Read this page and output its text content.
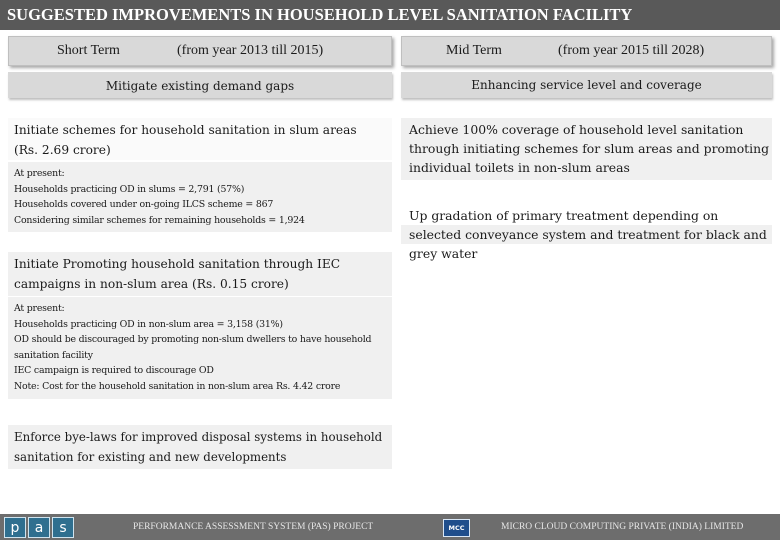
SUGGESTED IMPROVEMENTS IN HOUSEHOLD LEVEL SANITATION FACILITY
Short Term	(from year 2013 till 2015)	Mid Term	(from year 2015 till 2028)
Mitigate existing demand gaps	Enhancing service level and coverage
Initiate schemes for household sanitation in slum areas
(Rs. 2.69 crore)
At present:
Households practicing OD in slums = 2,791 (57%)
Households covered under on-going ILCS scheme = 867
Considering similar schemes for remaining households = 1,924
Initiate Promoting household sanitation through IEC
campaigns in non-slum area (Rs. 0.15 crore)
At present:
Households practicing OD in non-slum area = 3,158 (31%)
OD should be discouraged by promoting non-slum dwellers to have household
sanitation facility
IEC campaign is required to discourage OD
Note: Cost for the household sanitation in non-slum area Rs. 4.42 crore
Enforce bye-laws for improved disposal systems in household
sanitation for existing and new developments
Achieve 100% coverage of household level sanitation
through initiating schemes for slum areas and promoting
individual toilets in non-slum areas
Up gradation of primary treatment depending on
selected conveyance system and treatment for black and
grey water
p	a	s	PERFORMANCE ASSESSMENT SYSTEM (PAS) PROJECT	MCC	MICRO CLOUD COMPUTING PRIVATE (INDIA) LIMITED
